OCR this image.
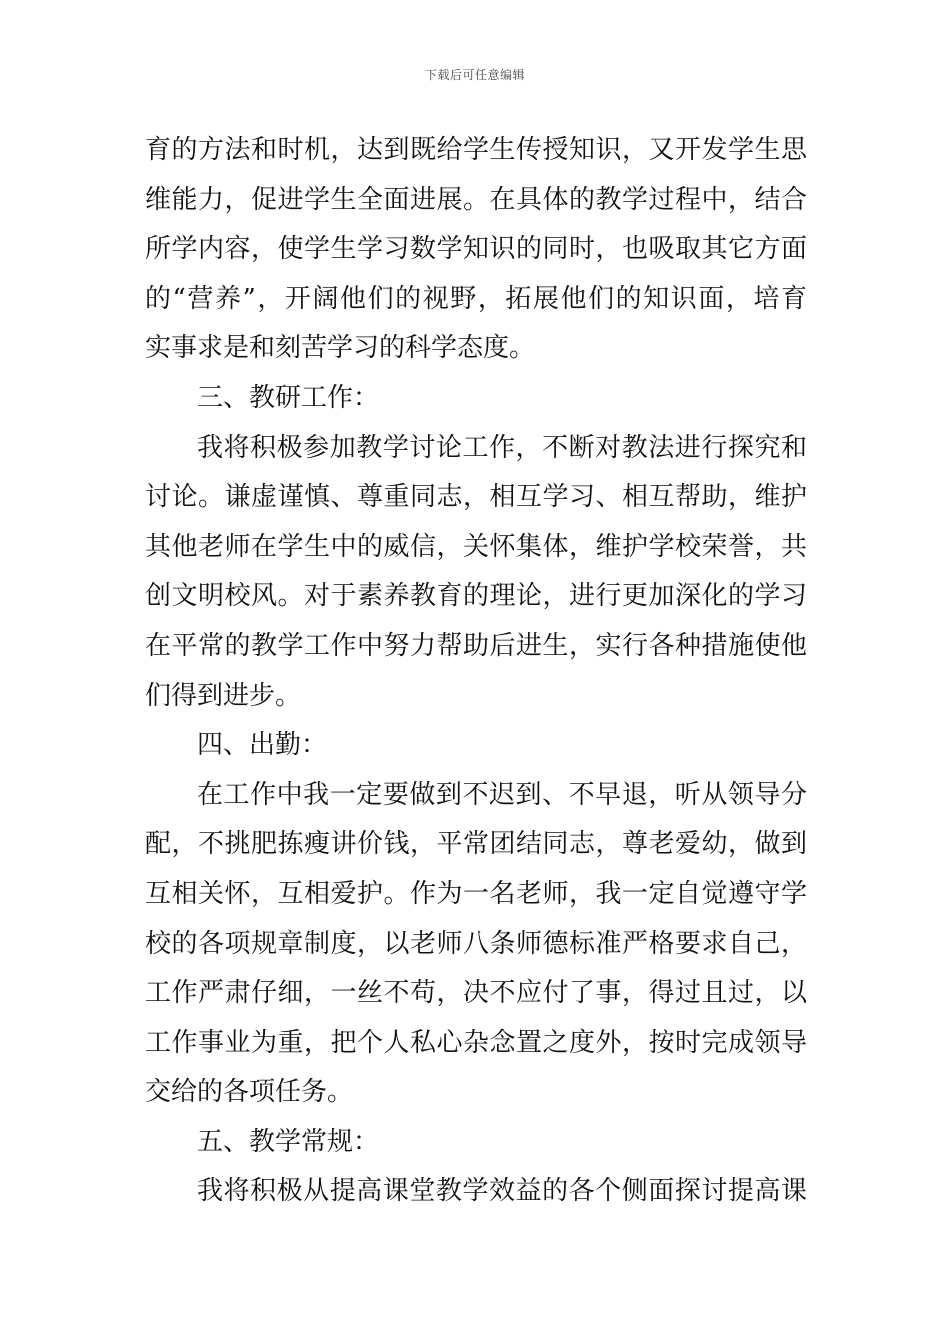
下载后可任意编辑
育的方法和时机，达到既给学生传授知识，又开发学生思
维能力，促进学生全面进展。在具体的教学过程中，结合
所学内容，使学生学习数学知识的同时，也吸取其它方面
的“营养”，开阔他们的视野，拓展他们的知识面，培育
实事求是和刻苦学习的科学态度。
三、教研工作：
我将积极参加教学讨论工作，不断对教法进行探究和
讨论。谦虚谨慎、尊重同志，相互学习、相互帮助，维护
其他老师在学生中的威信，关怀集体，维护学校荣誉，共
创文明校风。对于素养教育的理论，进行更加深化的学习
在平常的教学工作中努力帮助后进生，实行各种措施使他
们得到进步。
四、出勤：
在工作中我一定要做到不迟到、不早退，听从领导分
配，不挑肥拣瘦讲价钱，平常团结同志，尊老爱幼，做到
互相关怀，互相爱护。作为一名老师，我一定自觉遵守学
校的各项规章制度，以老师八条师德标准严格要求自己，
工作严肃仔细，一丝不苟，决不应付了事，得过且过，以
工作事业为重，把个人私心杂念置之度外，按时完成领导
交给的各项任务。
五、教学常规：
我将积极从提高课堂教学效益的各个侧面探讨提高课
